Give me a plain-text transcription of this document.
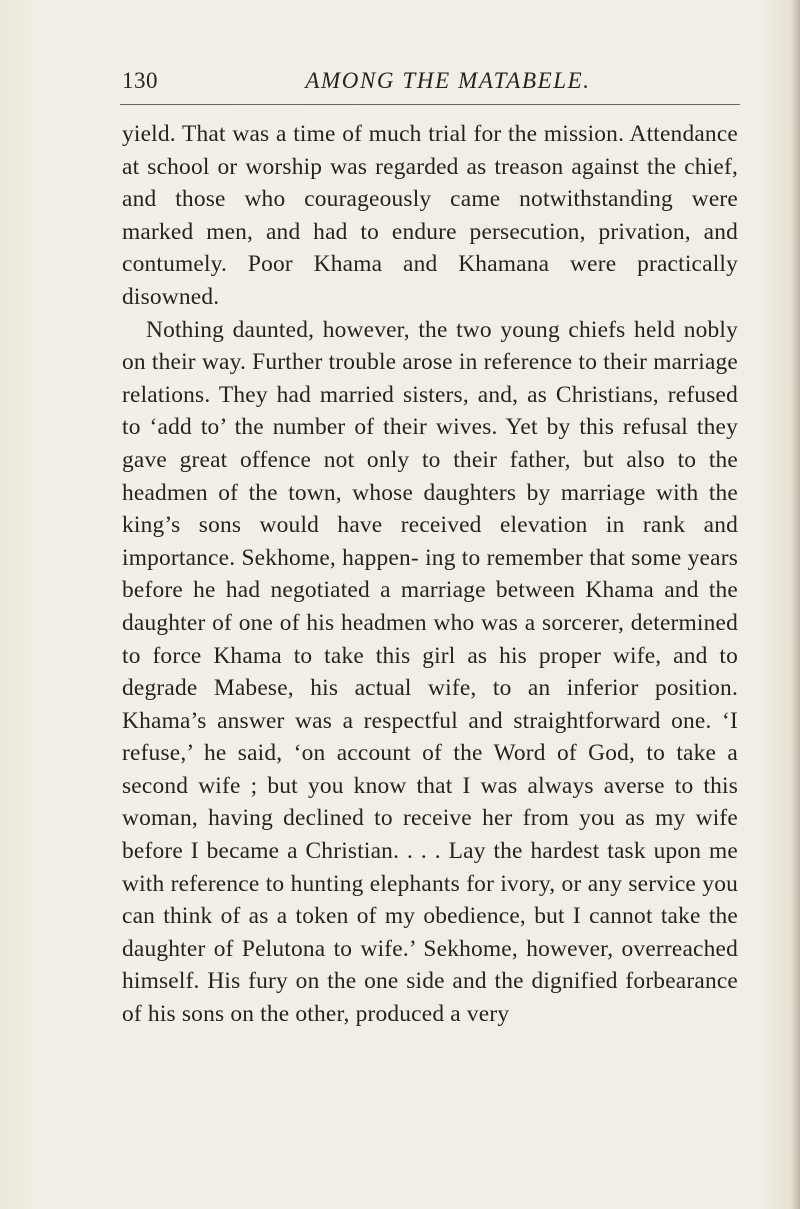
130	AMONG THE MATABELE.

yield. That was a time of much trial for the mission. Attendance at school or worship was regarded as treason against the chief, and those who courageously came notwithstanding were marked men, and had to endure persecution, privation, and contumely. Poor Khama and Khamana were practically disowned.

Nothing daunted, however, the two young chiefs held nobly on their way. Further trouble arose in reference to their marriage relations. They had married sisters, and, as Christians, refused to ‘add to’ the number of their wives. Yet by this refusal they gave great offence not only to their father, but also to the headmen of the town, whose daughters by marriage with the king’s sons would have received elevation in rank and importance. Sekhome, happen- ing to remember that some years before he had negotiated a marriage between Khama and the daughter of one of his headmen who was a sorcerer, determined to force Khama to take this girl as his proper wife, and to degrade Mabese, his actual wife, to an inferior position. Khama’s answer was a respectful and straightforward one. ‘I refuse,’ he said, ‘on account of the Word of God, to take a second wife ; but you know that I was always averse to this woman, having declined to receive her from you as my wife before I became a Christian. . . . Lay the hardest task upon me with reference to hunting elephants for ivory, or any service you can think of as a token of my obedience, but I cannot take the daughter of Pelutona to wife.’ Sekhome, however, overreached himself. His fury on the one side and the dignified forbearance of his sons on the other, produced a very
